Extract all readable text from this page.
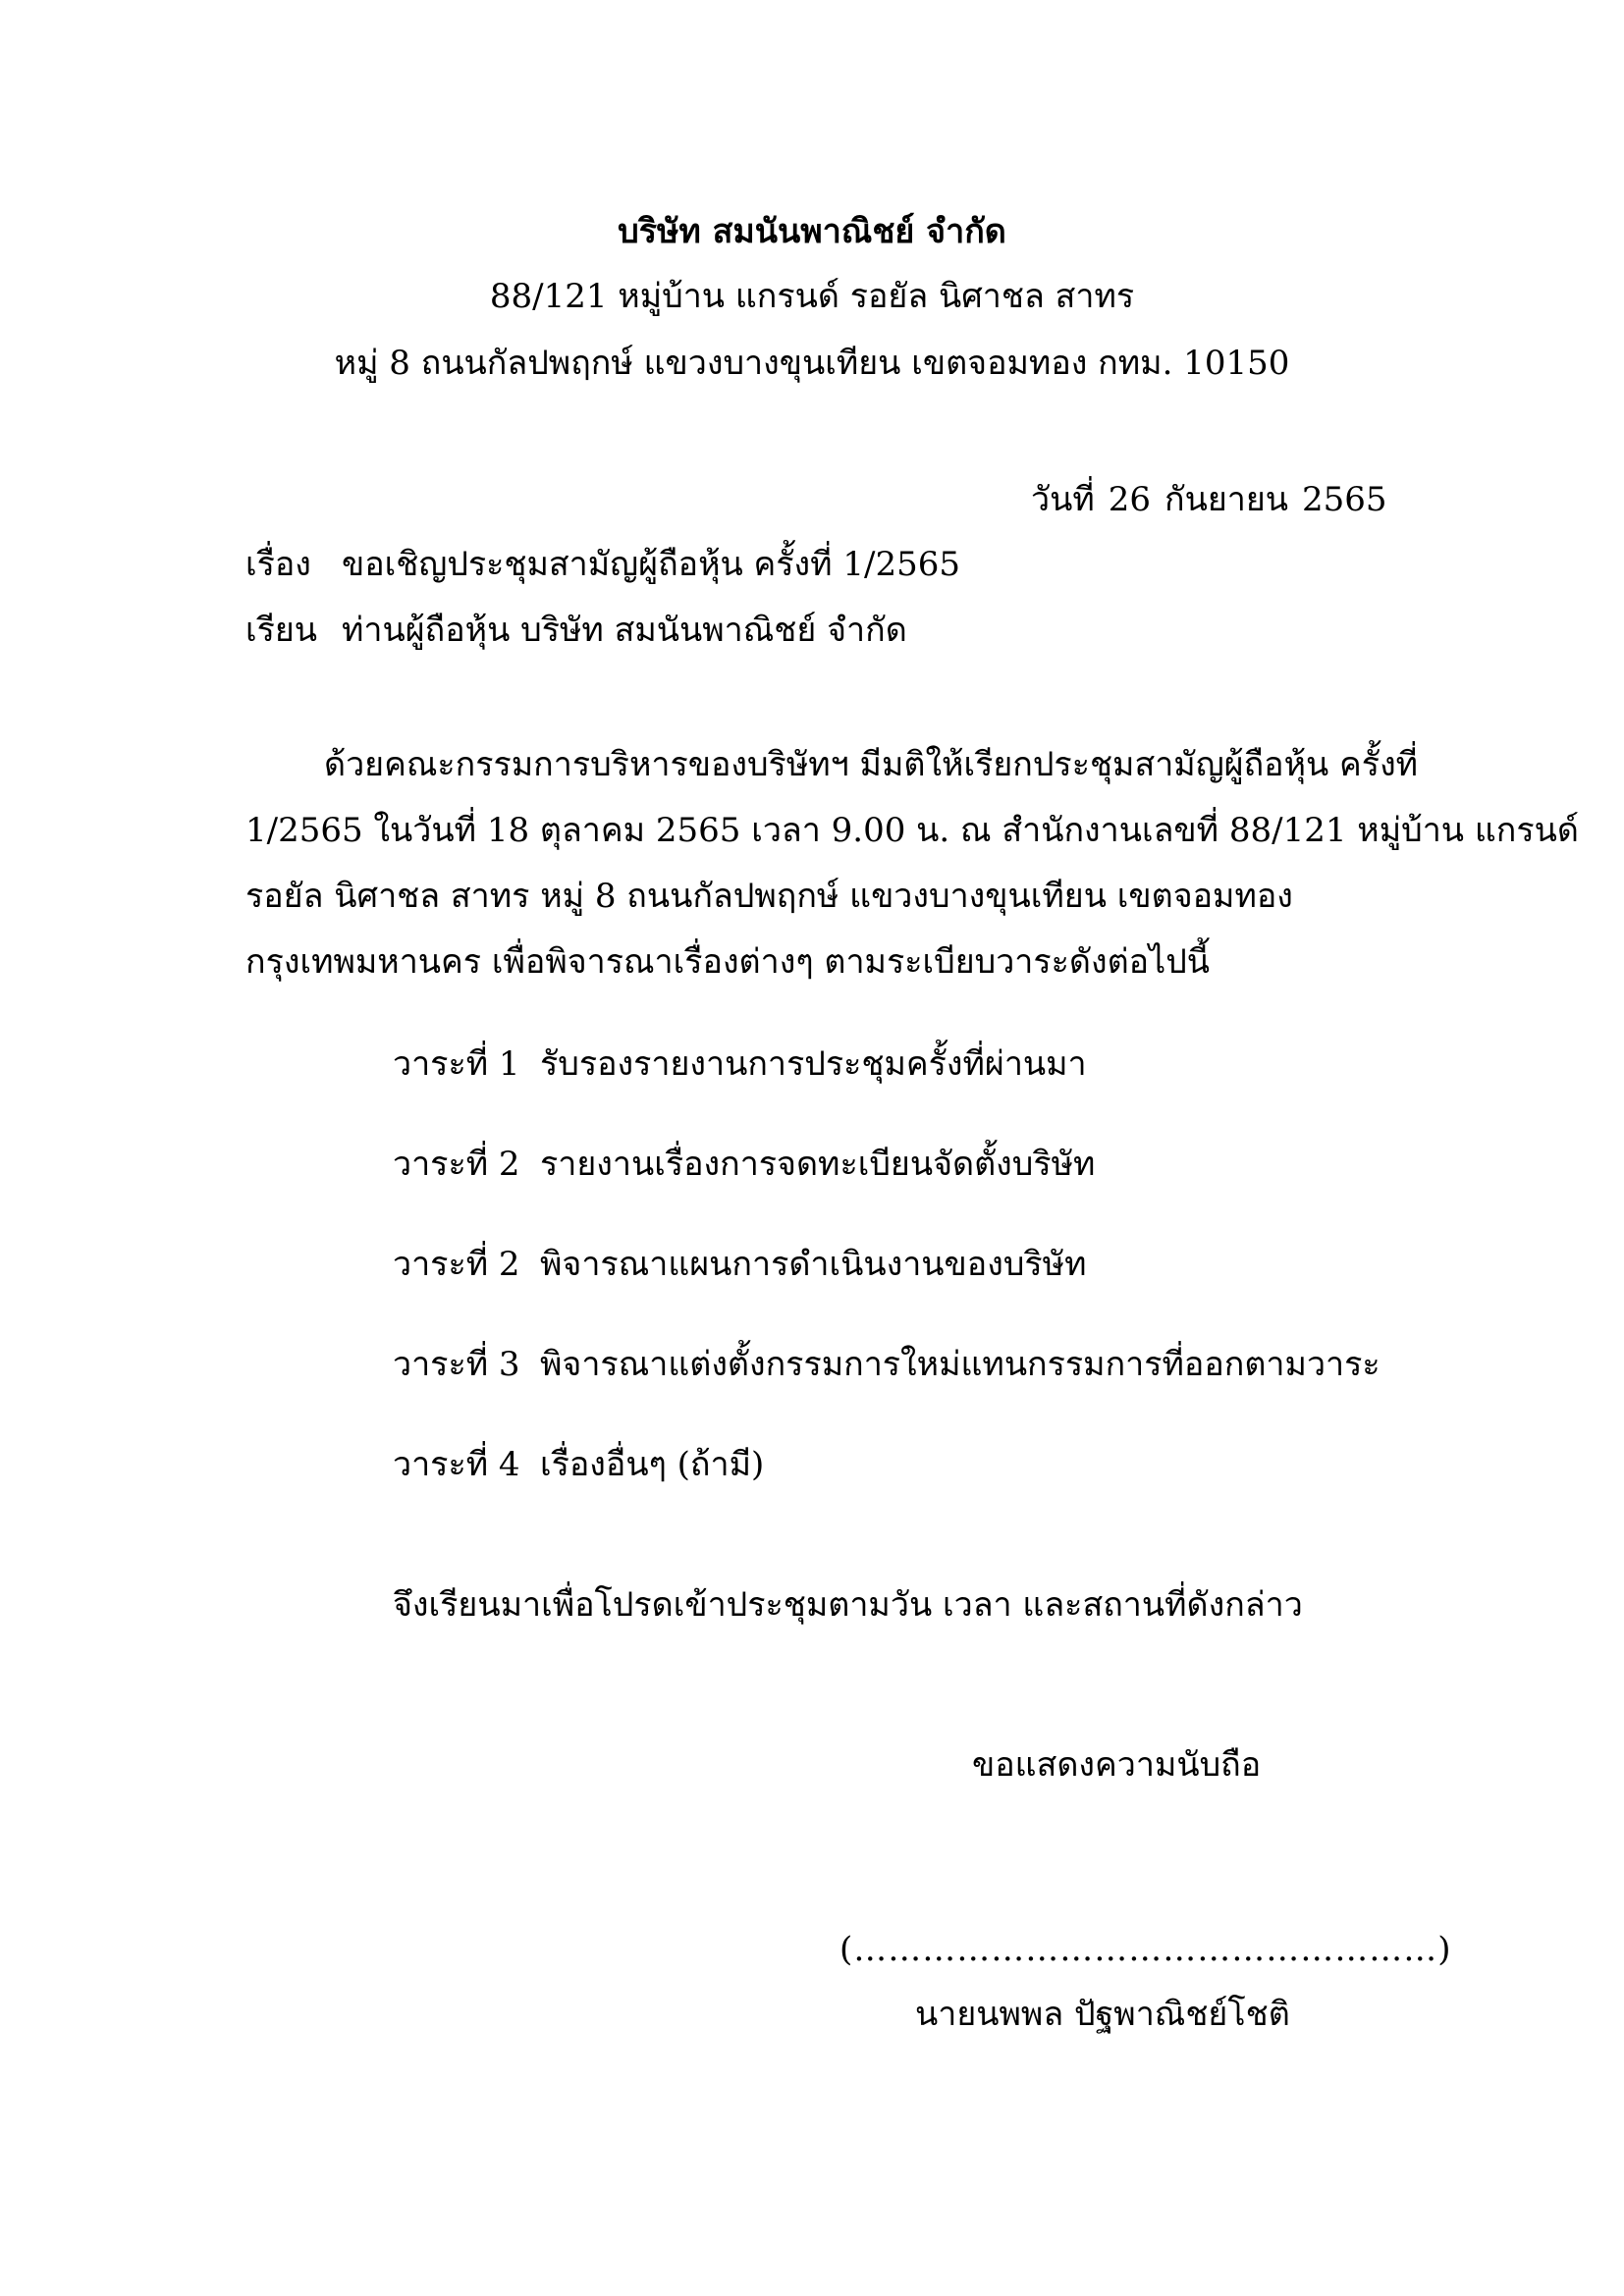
บริษัท สมนันพาณิชย์ จำกัด
88/121 หมู่บ้าน แกรนด์ รอยัล นิศาชล สาทร
หมู่ 8 ถนนกัลปพฤกษ์ แขวงบางขุนเทียน เขตจอมทอง กทม. 10150
วันที่ 26 กันยายน 2565
เรื่อง ขอเชิญประชุมสามัญผู้ถือหุ้น ครั้งที่ 1/2565
เรียน ท่านผู้ถือหุ้น บริษัท สมนันพาณิชย์ จำกัด
ด้วยคณะกรรมการบริหารของบริษัทฯ มีมติให้เรียกประชุมสามัญผู้ถือหุ้น ครั้งที่
1/2565 ในวันที่ 18 ตุลาคม 2565 เวลา 9.00 น. ณ สำนักงานเลขที่ 88/121 หมู่บ้าน แกรนด์
รอยัล นิศาชล สาทร หมู่ 8 ถนนกัลปพฤกษ์ แขวงบางขุนเทียน เขตจอมทอง
กรุงเทพมหานคร เพื่อพิจารณาเรื่องต่างๆ ตามระเบียบวาระดังต่อไปนี้
วาระที่ 1 รับรองรายงานการประชุมครั้งที่ผ่านมา
วาระที่ 2 รายงานเรื่องการจดทะเบียนจัดตั้งบริษัท
วาระที่ 2 พิจารณาแผนการดำเนินงานของบริษัท
วาระที่ 3 พิจารณาแต่งตั้งกรรมการใหม่แทนกรรมการที่ออกตามวาระ
วาระที่ 4 เรื่องอื่นๆ (ถ้ามี)
จึงเรียนมาเพื่อโปรดเข้าประชุมตามวัน เวลา และสถานที่ดังกล่าว
ขอแสดงความนับถือ
(……………………………………………)
นายนพพล ปัฐพาณิชย์โชติ
